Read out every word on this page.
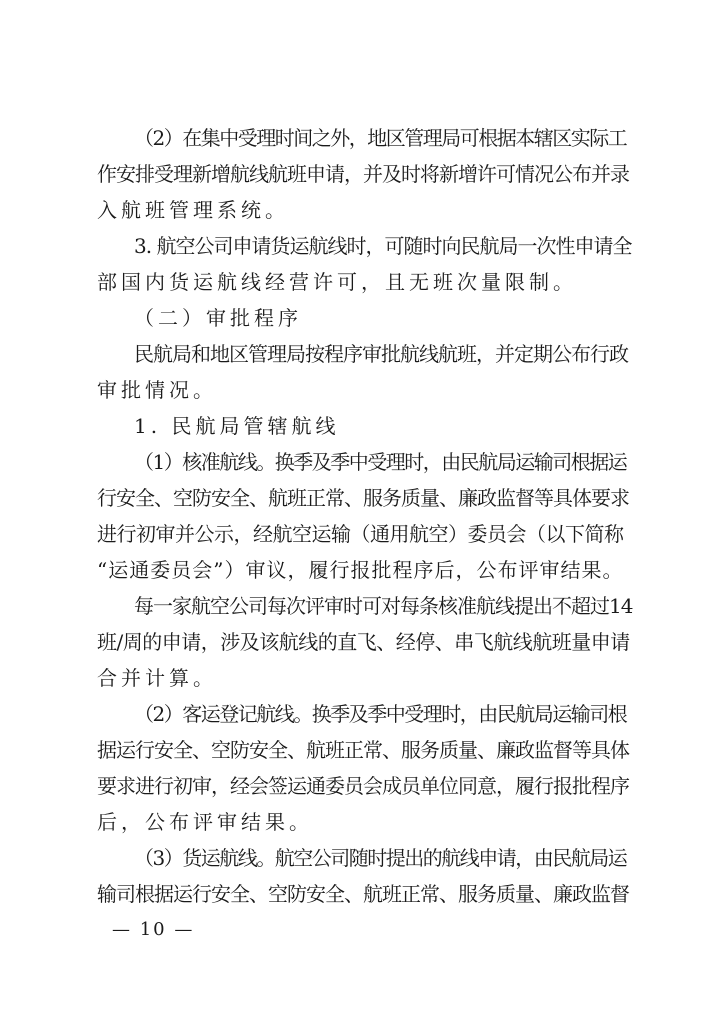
（2）在集中受理时间之外，地区管理局可根据本辖区实际工
作安排受理新增航线航班申请，并及时将新增许可情况公布并录
入航班管理系统。
3. 航空公司申请货运航线时，可随时向民航局一次性申请全
部国内货运航线经营许可，且无班次量限制。
（二）审批程序
民航局和地区管理局按程序审批航线航班，并定期公布行政
审批情况。
1. 民航局管辖航线
（1）核准航线。换季及季中受理时，由民航局运输司根据运
行安全、空防安全、航班正常、服务质量、廉政监督等具体要求
进行初审并公示，经航空运输（通用航空）委员会（以下简称
“运通委员会”）审议，履行报批程序后，公布评审结果。
每一家航空公司每次评审时可对每条核准航线提出不超过14
班/周的申请，涉及该航线的直飞、经停、串飞航线航班量申请
合并计算。
（2）客运登记航线。换季及季中受理时，由民航局运输司根
据运行安全、空防安全、航班正常、服务质量、廉政监督等具体
要求进行初审，经会签运通委员会成员单位同意，履行报批程序
后，公布评审结果。
（3）货运航线。航空公司随时提出的航线申请，由民航局运
输司根据运行安全、空防安全、航班正常、服务质量、廉政监督
— 10 —
